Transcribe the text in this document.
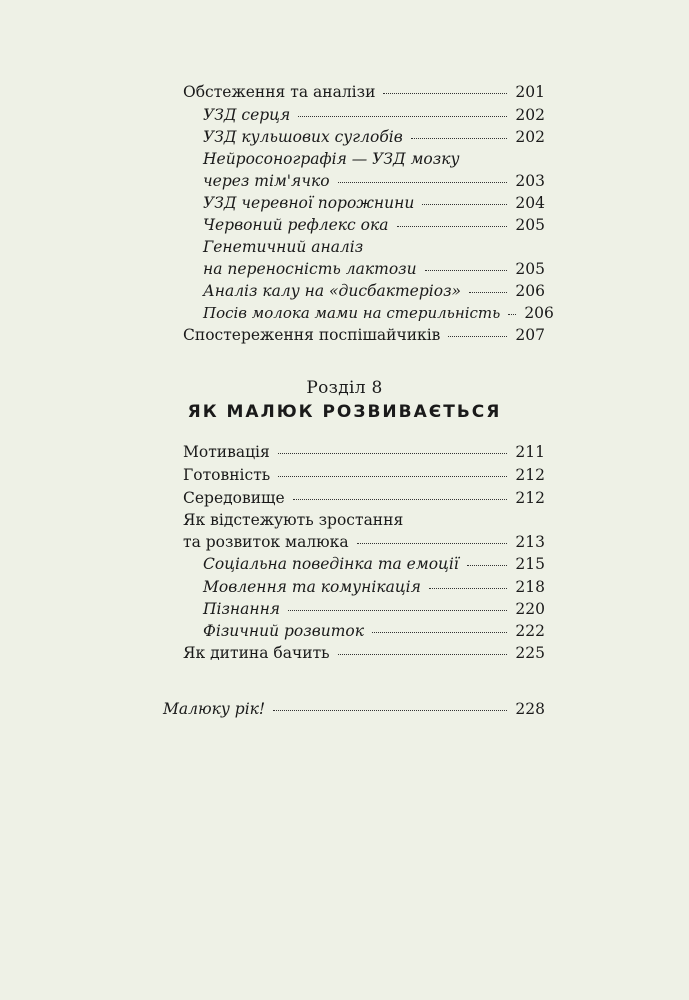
Обстеження та аналізи	201
УЗД серця	202
УЗД кульшових суглобів	202
Нейросонографія — УЗД мозку
через тім'ячко	203
УЗД черевної порожнини	204
Червоний рефлекс ока	205
Генетичний аналіз
на переносність лактози	205
Аналіз калу на «дисбактеріоз»	206
Посів молока мами на стерильність 206
Спостереження поспішайчиків	207
Розділ 8
ЯК МАЛЮК РОЗВИВАЄТЬСЯ
Мотивація	211
Готовність	212
Середовище	212
Як відстежують зростання
та розвиток малюка	213
Соціальна поведінка та емоції	215
Мовлення та комунікація	218
Пізнання	220
Фізичний розвиток	222
Як дитина бачить	225
Малюку рік!	228
